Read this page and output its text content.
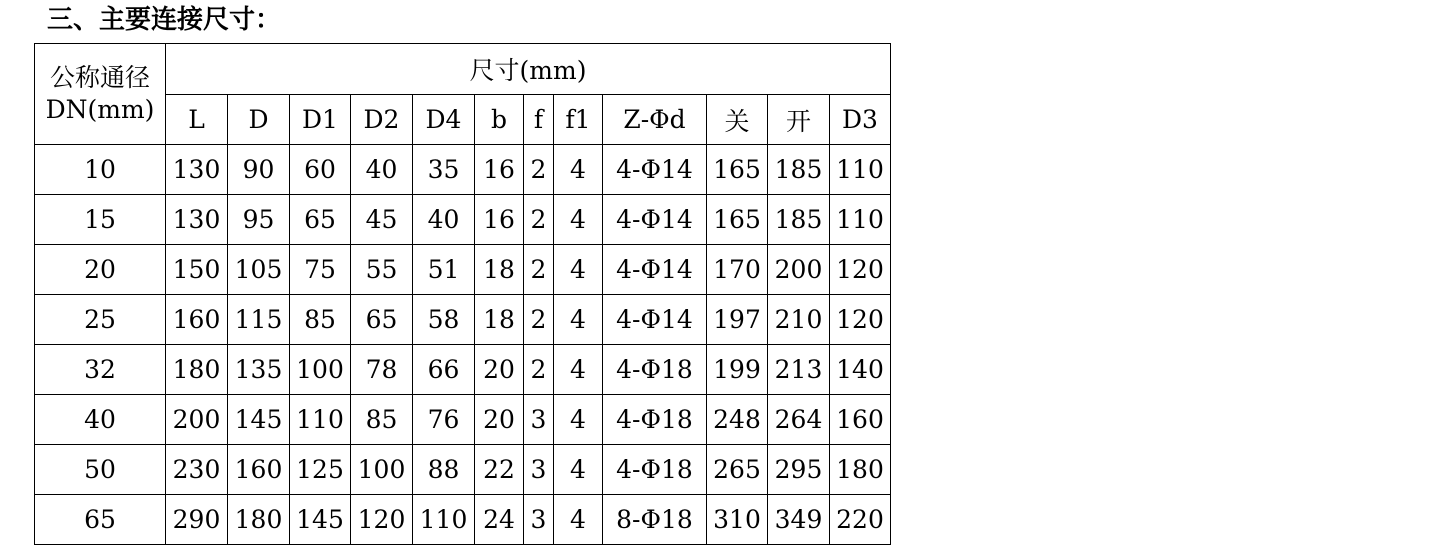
三、主要连接尺寸：
公称通径
DN(mm)	尺寸(mm)											
	L	D	D1	D2	D4	b	f	f1	Z-Φd	关	开	D3
10	130	90	60	40	35	16	2	4	4-Φ14	165	185	110
15	130	95	65	45	40	16	2	4	4-Φ14	165	185	110
20	150	105	75	55	51	18	2	4	4-Φ14	170	200	120
25	160	115	85	65	58	18	2	4	4-Φ14	197	210	120
32	180	135	100	78	66	20	2	4	4-Φ18	199	213	140
40	200	145	110	85	76	20	3	4	4-Φ18	248	264	160
50	230	160	125	100	88	22	3	4	4-Φ18	265	295	180
65	290	180	145	120	110	24	3	4	8-Φ18	310	349	220
